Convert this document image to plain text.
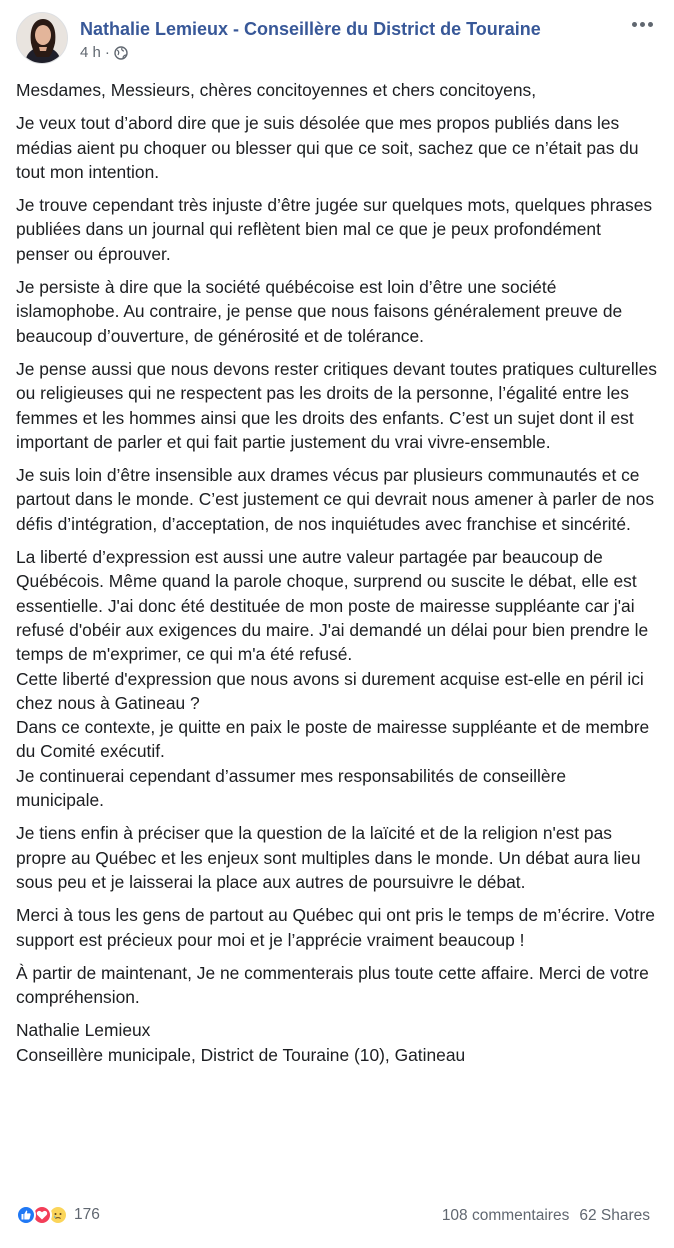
Nathalie Lemieux - Conseillère du District de Touraine
4 h ·

Mesdames, Messieurs, chères concitoyennes et chers concitoyens,

Je veux tout d’abord dire que je suis désolée que mes propos publiés dans les médias aient pu choquer ou blesser qui que ce soit, sachez que ce n’était pas du tout mon intention.

Je trouve cependant très injuste d’être jugée sur quelques mots, quelques phrases publiées dans un journal qui reflètent bien mal ce que je peux profondément penser ou éprouver.

Je persiste à dire que la société québécoise est loin d’être une société islamophobe. Au contraire, je pense que nous faisons généralement preuve de beaucoup d’ouverture, de générosité et de tolérance.

Je pense aussi que nous devons rester critiques devant toutes pratiques culturelles ou religieuses qui ne respectent pas les droits de la personne, l’égalité entre les femmes et les hommes ainsi que les droits des enfants. C’est un sujet dont il est important de parler et qui fait partie justement du vrai vivre-ensemble.

Je suis loin d’être insensible aux drames vécus par plusieurs communautés et ce partout dans le monde. C’est justement ce qui devrait nous amener à parler de nos défis d’intégration, d’acceptation, de nos inquiétudes avec franchise et sincérité.

La liberté d’expression est aussi une autre valeur partagée par beaucoup de Québécois. Même quand la parole choque, surprend ou suscite le débat, elle est essentielle. J'ai donc été destituée de mon poste de mairesse suppléante car j'ai refusé d'obéir aux exigences du maire. J'ai demandé un délai pour bien prendre le temps de m'exprimer, ce qui m'a été refusé.
Cette liberté d'expression que nous avons si durement acquise est-elle en péril ici chez nous à Gatineau ?
Dans ce contexte, je quitte en paix le poste de mairesse suppléante et de membre du Comité exécutif.
Je continuerai cependant d’assumer mes responsabilités de conseillère municipale.

Je tiens enfin à préciser que la question de la laïcité et de la religion n'est pas propre au Québec et les enjeux sont multiples dans le monde. Un débat aura lieu sous peu et je laisserai la place aux autres de poursuivre le débat.

Merci à tous les gens de partout au Québec qui ont pris le temps de m’écrire. Votre support est précieux pour moi et je l’apprécie vraiment beaucoup !

À partir de maintenant, Je ne commenterais plus toute cette affaire. Merci de votre compréhension.

Nathalie Lemieux
Conseillère municipale, District de Touraine (10), Gatineau

176	108 commentaires 62 Shares
